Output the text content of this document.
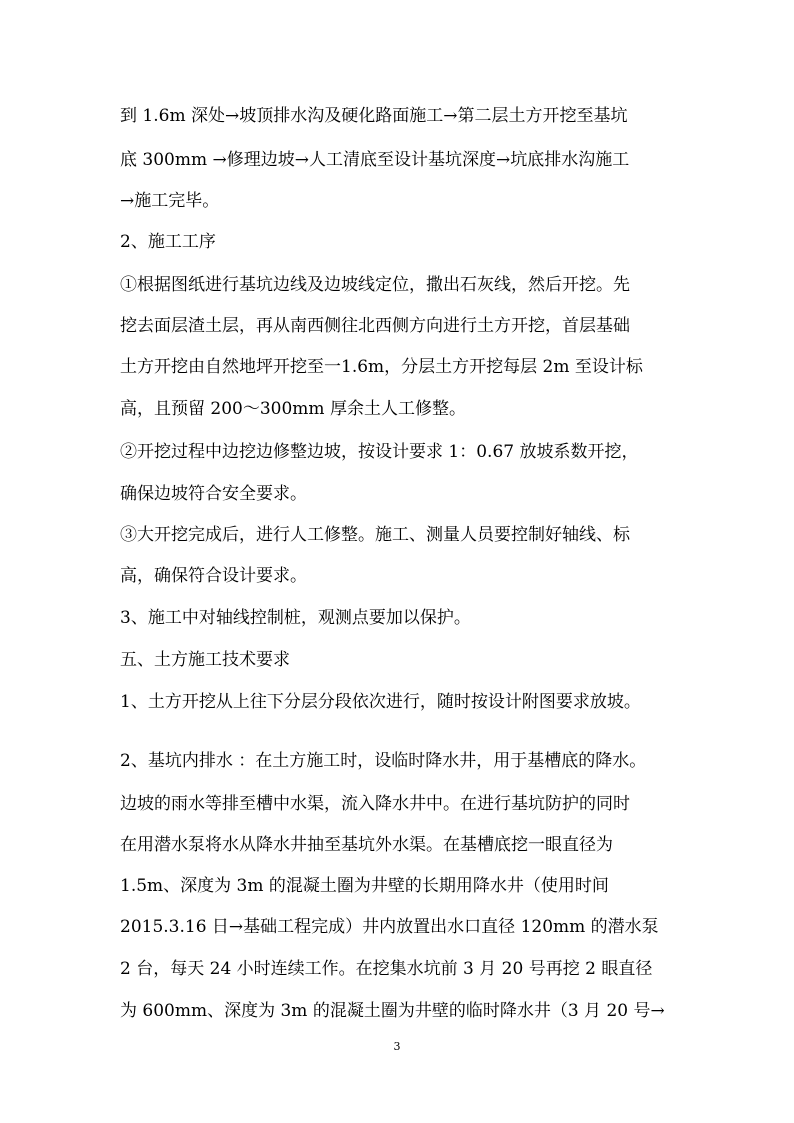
到 1.6m 深处→坡顶排水沟及硬化路面施工→第二层土方开挖至基坑
底 300mm →修理边坡→人工清底至设计基坑深度→坑底排水沟施工
→施工完毕。
2、施工工序
①根据图纸进行基坑边线及边坡线定位，撒出石灰线，然后开挖。先
挖去面层渣土层，再从南西侧往北西侧方向进行土方开挖，首层基础
土方开挖由自然地坪开挖至一1.6m，分层土方开挖每层 2m 至设计标
高，且预留 200～300mm 厚余土人工修整。
②开挖过程中边挖边修整边坡，按设计要求 1：0.67 放坡系数开挖，
确保边坡符合安全要求。
③大开挖完成后，进行人工修整。施工、测量人员要控制好轴线、标
高，确保符合设计要求。
3、施工中对轴线控制桩，观测点要加以保护。
五、土方施工技术要求
1、土方开挖从上往下分层分段依次进行，随时按设计附图要求放坡。
2、基坑内排水 ：在土方施工时，设临时降水井，用于基槽底的降水。
边坡的雨水等排至槽中水渠，流入降水井中。在进行基坑防护的同时
在用潜水泵将水从降水井抽至基坑外水渠。在基槽底挖一眼直径为
1.5m、深度为 3m 的混凝土圈为井壁的长期用降水井（使用时间
2015.3.16 日→基础工程完成）井内放置出水口直径 120mm 的潜水泵
2 台，每天 24 小时连续工作。在挖集水坑前 3 月 20 号再挖 2 眼直径
为 600mm、深度为 3m 的混凝土圈为井壁的临时降水井（3 月 20 号→
3
